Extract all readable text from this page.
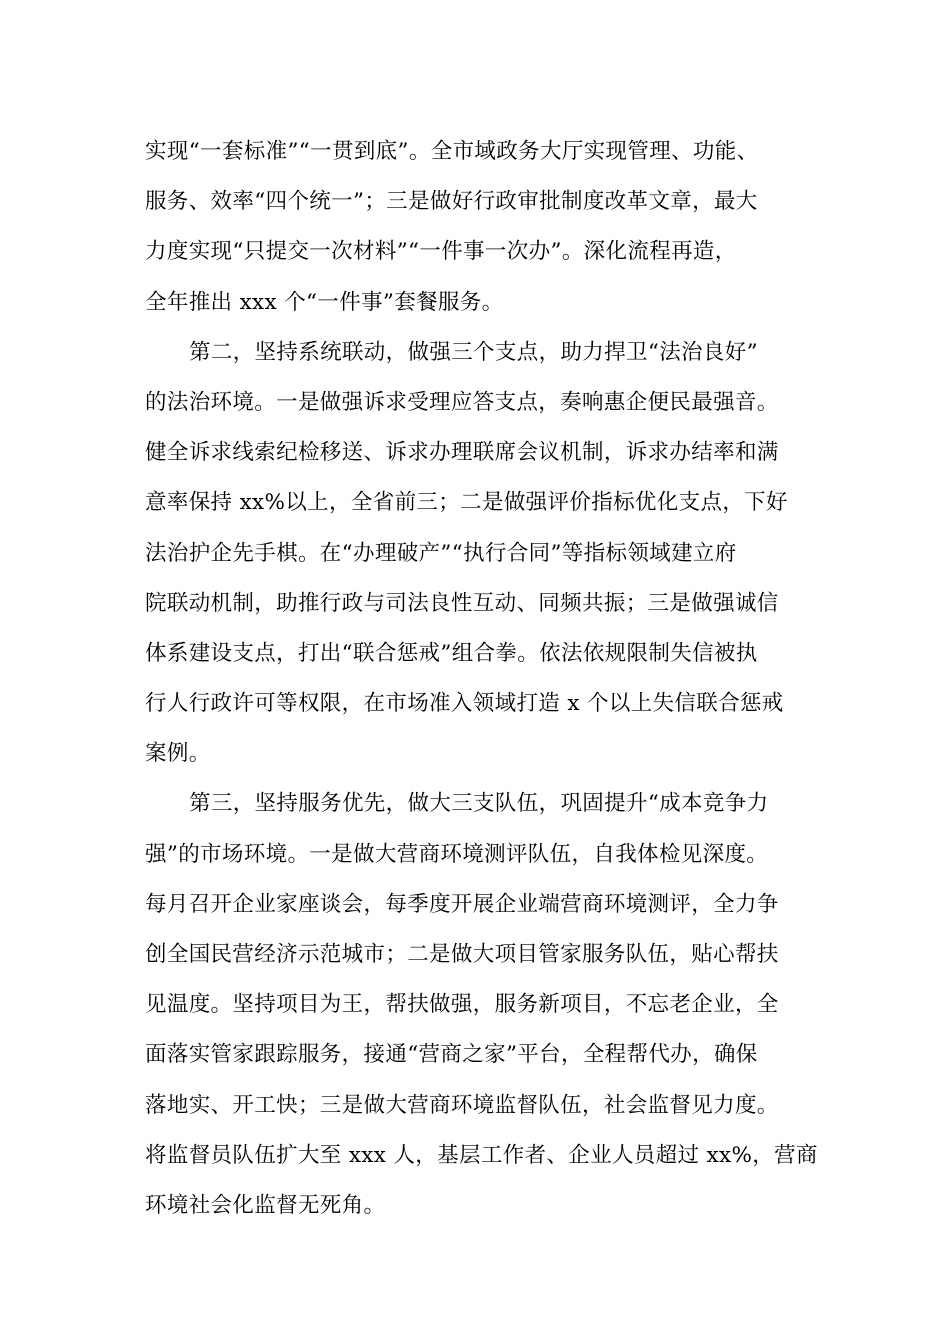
实现“一套标准”“一贯到底”。全市域政务大厅实现管理、功能、
服务、效率“四个统一”；三是做好行政审批制度改革文章，最大
力度实现“只提交一次材料”“一件事一次办”。深化流程再造，
全年推出 xxx 个“一件事”套餐服务。
第二，坚持系统联动，做强三个支点，助力捍卫“法治良好”
的法治环境。一是做强诉求受理应答支点，奏响惠企便民最强音。
健全诉求线索纪检移送、诉求办理联席会议机制，诉求办结率和满
意率保持 xx%以上，全省前三；二是做强评价指标优化支点，下好
法治护企先手棋。在“办理破产”“执行合同”等指标领域建立府
院联动机制，助推行政与司法良性互动、同频共振；三是做强诚信
体系建设支点，打出“联合惩戒”组合拳。依法依规限制失信被执
行人行政许可等权限，在市场准入领域打造 x 个以上失信联合惩戒
案例。
第三，坚持服务优先，做大三支队伍，巩固提升“成本竞争力
强”的市场环境。一是做大营商环境测评队伍，自我体检见深度。
每月召开企业家座谈会，每季度开展企业端营商环境测评，全力争
创全国民营经济示范城市；二是做大项目管家服务队伍，贴心帮扶
见温度。坚持项目为王，帮扶做强，服务新项目，不忘老企业，全
面落实管家跟踪服务，接通“营商之家”平台，全程帮代办，确保
落地实、开工快；三是做大营商环境监督队伍，社会监督见力度。
将监督员队伍扩大至 xxx 人，基层工作者、企业人员超过 xx%，营商
环境社会化监督无死角。
